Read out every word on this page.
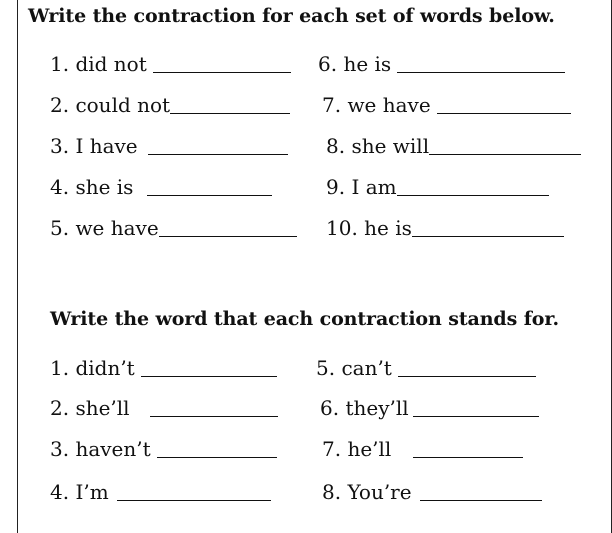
Write the contraction for each set of words below.
1. did not
2. could not
3. I have
4. she is
5. we have
6. he is
7. we have
8. she will
9. I am
10. he is
Write the word that each contraction stands for.
1. didn’t
2. she’ll
3. haven’t
4. I’m
5. can’t
6. they’ll
7. he’ll
8. You’re
